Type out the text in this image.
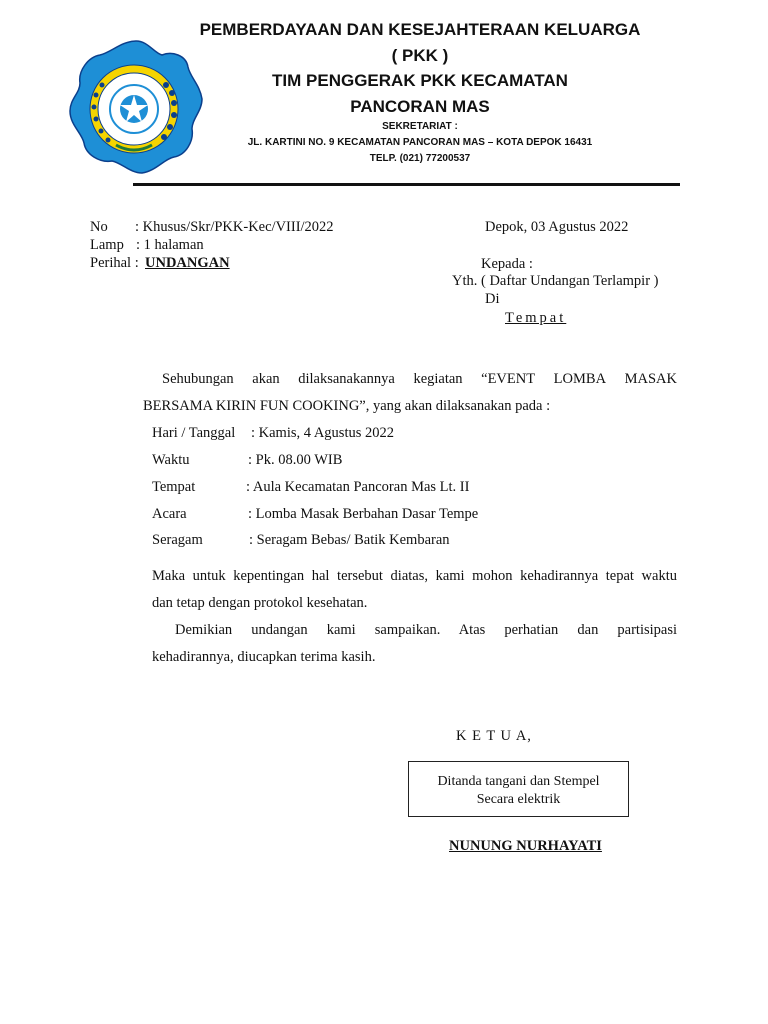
PEMBERDAYAAN DAN KESEJAHTERAAN KELUARGA
( PKK )
TIM PENGGERAK PKK KECAMATAN
PANCORAN MAS
SEKRETARIAT :
JL. KARTINI NO. 9 KECAMATAN PANCORAN MAS – KOTA DEPOK 16431
TELP. (021) 77200537
No : Khusus/Skr/PKK-Kec/VIII/2022
Lamp : 1 halaman
Perihal : UNDANGAN
Depok, 03 Agustus 2022
Kepada :
Yth. ( Daftar Undangan Terlampir )
Di
Tempat
Sehubungan akan dilaksanakannya kegiatan “EVENT LOMBA MASAK
BERSAMA KIRIN FUN COOKING”, yang akan dilaksanakan pada :
Hari / Tanggal : Kamis, 4 Agustus 2022
Waktu	: Pk. 08.00 WIB
Tempat	: Aula Kecamatan Pancoran Mas Lt. II
Acara	: Lomba Masak Berbahan Dasar Tempe
Seragam	: Seragam Bebas/ Batik Kembaran
Maka untuk kepentingan hal tersebut diatas, kami mohon kehadirannya tepat waktu
dan tetap dengan protokol kesehatan.
Demikian undangan kami sampaikan. Atas perhatian dan partisipasi
kehadirannya, diucapkan terima kasih.
K E T U A,
Ditanda tangani dan Stempel
Secara elektrik
NUNUNG NURHAYATI
